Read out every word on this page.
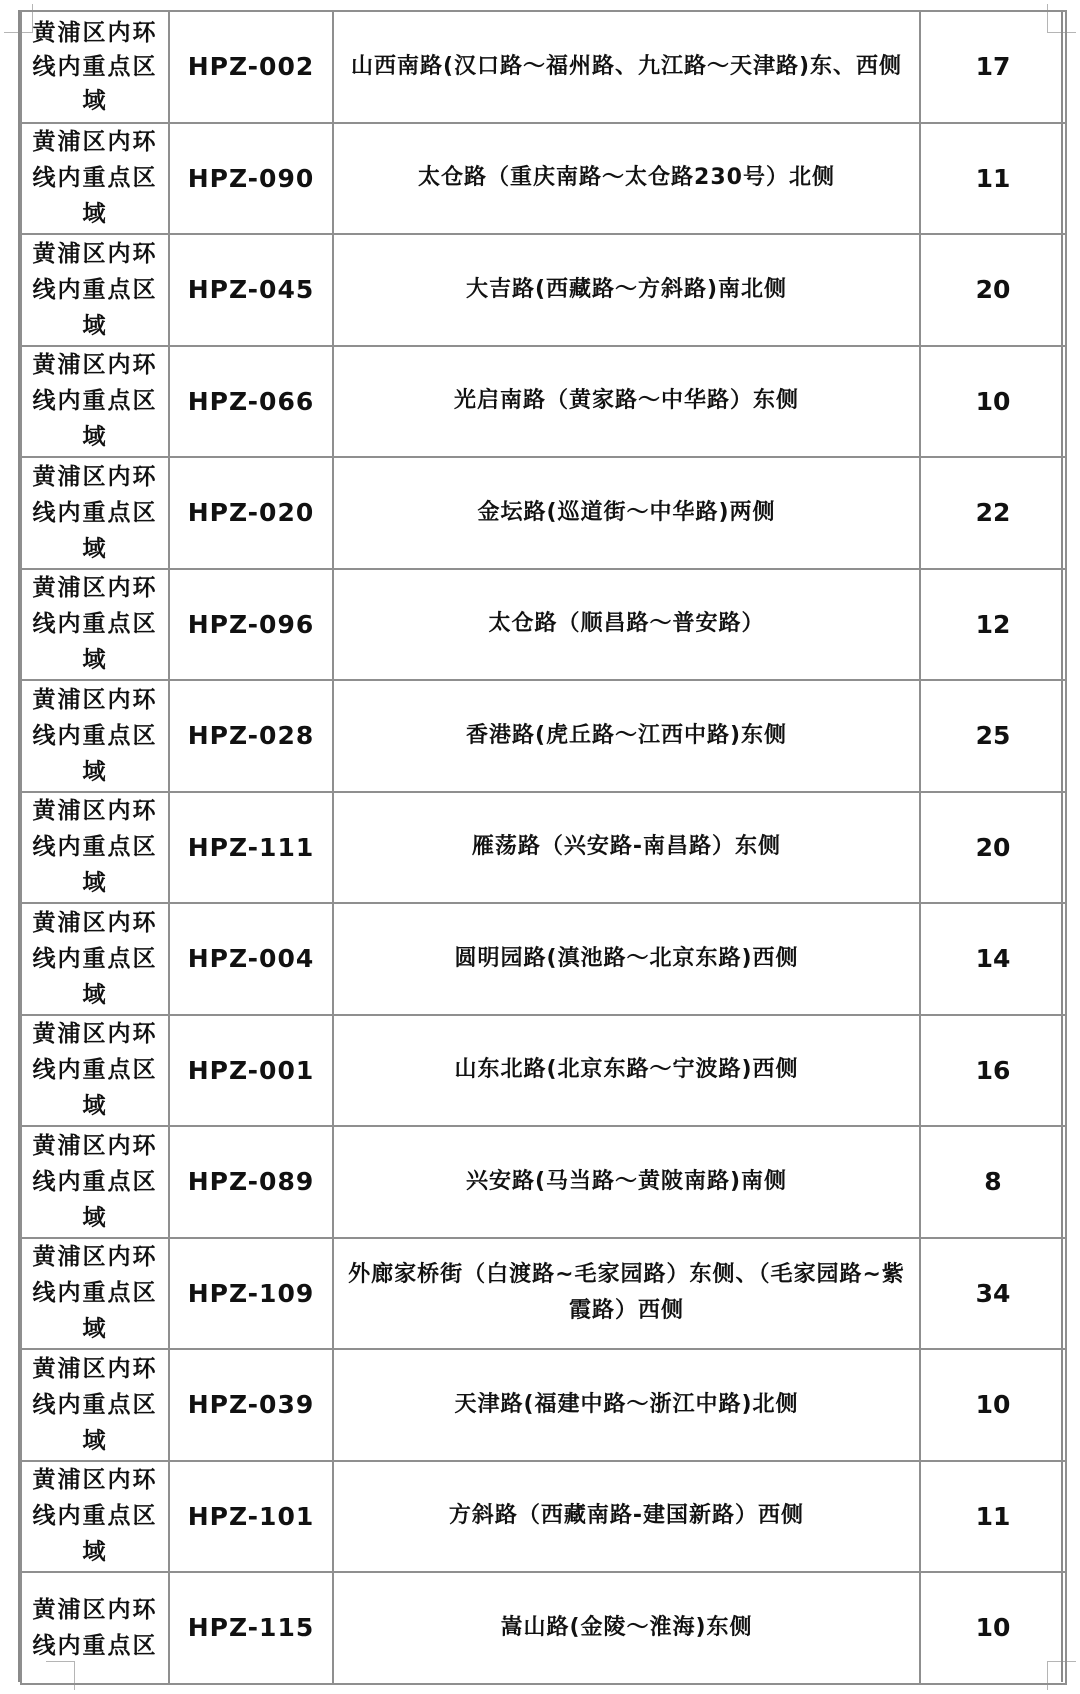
黄浦区内环线内重点区域	HPZ-002	山西南路(汉口路～福州路、九江路～天津路)东、西侧	17

黄浦区内环线内重点区域	HPZ-090	太仓路（重庆南路～太仓路230号）北侧	11

黄浦区内环线内重点区域	HPZ-045	大吉路(西藏路～方斜路)南北侧	20

黄浦区内环线内重点区域	HPZ-066	光启南路（黄家路～中华路）东侧	10

黄浦区内环线内重点区域	HPZ-020	金坛路(巡道街～中华路)两侧	22

黄浦区内环线内重点区域	HPZ-096	太仓路（顺昌路～普安路）	12

黄浦区内环线内重点区域	HPZ-028	香港路(虎丘路～江西中路)东侧	25

黄浦区内环线内重点区域	HPZ-111	雁荡路（兴安路-南昌路）东侧	20

黄浦区内环线内重点区域	HPZ-004	圆明园路(滇池路～北京东路)西侧	14

黄浦区内环线内重点区域	HPZ-001	山东北路(北京东路～宁波路)西侧	16

黄浦区内环线内重点区域	HPZ-089	兴安路(马当路～黄陂南路)南侧	8

黄浦区内环线内重点区域	HPZ-109	外廊家桥街（白渡路~毛家园路）东侧、（毛家园路~紫霞路）西侧	34

黄浦区内环线内重点区域	HPZ-039	天津路(福建中路～浙江中路)北侧	10

黄浦区内环线内重点区域	HPZ-101	方斜路（西藏南路-建国新路）西侧	11

黄浦区内环线内重点区	HPZ-115	嵩山路(金陵～淮海)东侧	10
